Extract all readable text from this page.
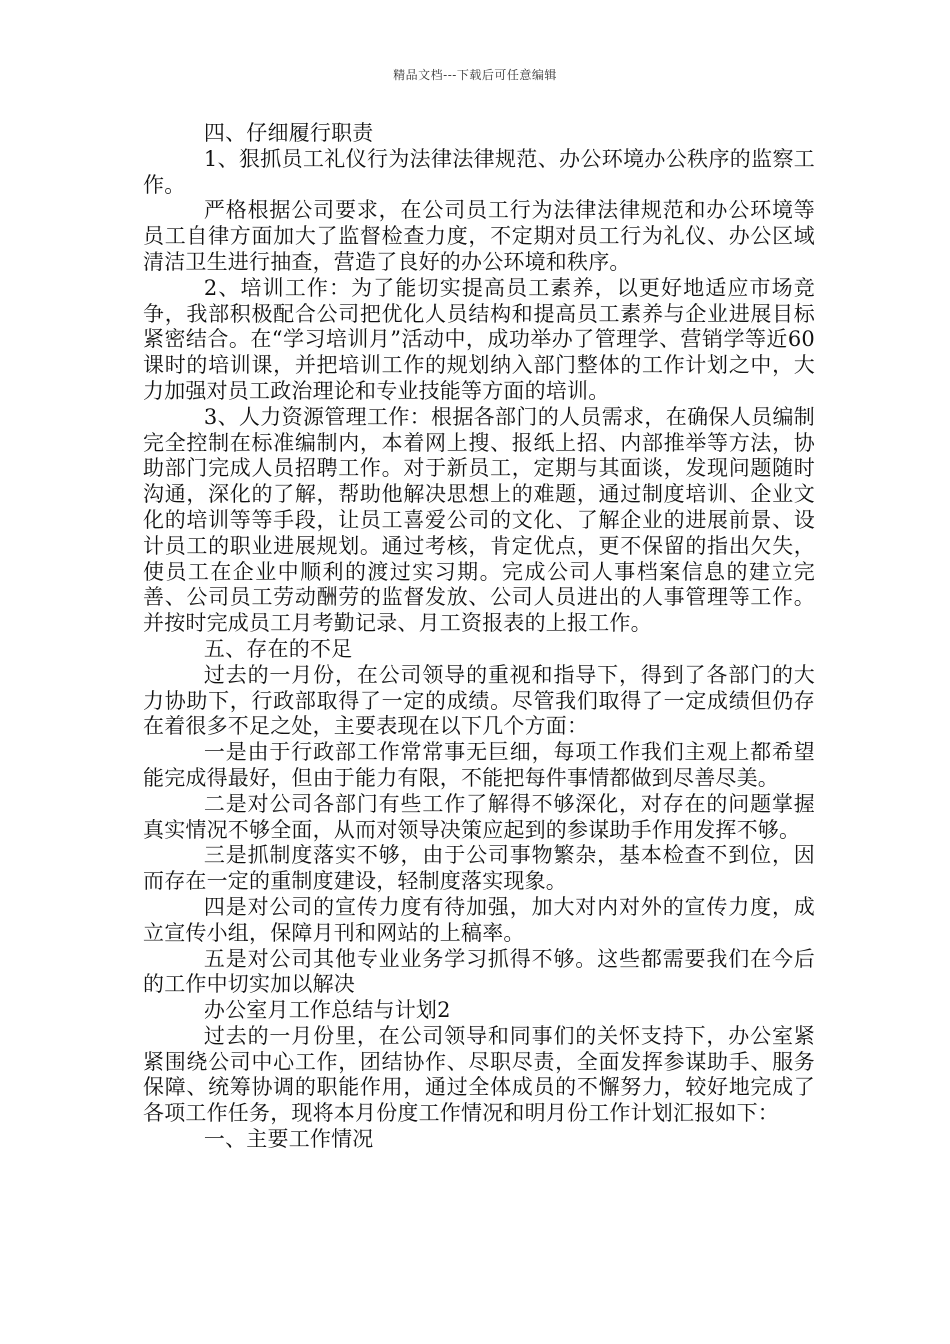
精品文档---下载后可任意编辑

四、仔细履行职责

1、狠抓员工礼仪行为法律法律规范、办公环境办公秩序的监察工作。

严格根据公司要求，在公司员工行为法律法律规范和办公环境等员工自律方面加大了监督检查力度，不定期对员工行为礼仪、办公区域清洁卫生进行抽查，营造了良好的办公环境和秩序。

2、培训工作：为了能切实提高员工素养，以更好地适应市场竞争，我部积极配合公司把优化人员结构和提高员工素养与企业进展目标紧密结合。在“学习培训月”活动中，成功举办了管理学、营销学等近60课时的培训课，并把培训工作的规划纳入部门整体的工作计划之中，大力加强对员工政治理论和专业技能等方面的培训。

3、人力资源管理工作：根据各部门的人员需求，在确保人员编制完全控制在标准编制内，本着网上搜、报纸上招、内部推举等方法，协助部门完成人员招聘工作。对于新员工，定期与其面谈，发现问题随时沟通，深化的了解，帮助他解决思想上的难题，通过制度培训、企业文化的培训等等手段，让员工喜爱公司的文化、了解企业的进展前景、设计员工的职业进展规划。通过考核，肯定优点，更不保留的指出欠失，使员工在企业中顺利的渡过实习期。完成公司人事档案信息的建立完善、公司员工劳动酬劳的监督发放、公司人员进出的人事管理等工作。并按时完成员工月考勤记录、月工资报表的上报工作。

五、存在的不足

过去的一月份，在公司领导的重视和指导下，得到了各部门的大力协助下，行政部取得了一定的成绩。尽管我们取得了一定成绩但仍存在着很多不足之处，主要表现在以下几个方面：

一是由于行政部工作常常事无巨细，每项工作我们主观上都希望能完成得最好，但由于能力有限，不能把每件事情都做到尽善尽美。

二是对公司各部门有些工作了解得不够深化，对存在的问题掌握真实情况不够全面，从而对领导决策应起到的参谋助手作用发挥不够。

三是抓制度落实不够，由于公司事物繁杂，基本检查不到位，因而存在一定的重制度建设，轻制度落实现象。

四是对公司的宣传力度有待加强，加大对内对外的宣传力度，成立宣传小组，保障月刊和网站的上稿率。

五是对公司其他专业业务学习抓得不够。这些都需要我们在今后的工作中切实加以解决

办公室月工作总结与计划2

过去的一月份里，在公司领导和同事们的关怀支持下，办公室紧紧围绕公司中心工作，团结协作、尽职尽责，全面发挥参谋助手、服务保障、统筹协调的职能作用，通过全体成员的不懈努力，较好地完成了各项工作任务，现将本月份度工作情况和明月份工作计划汇报如下：

一、主要工作情况
